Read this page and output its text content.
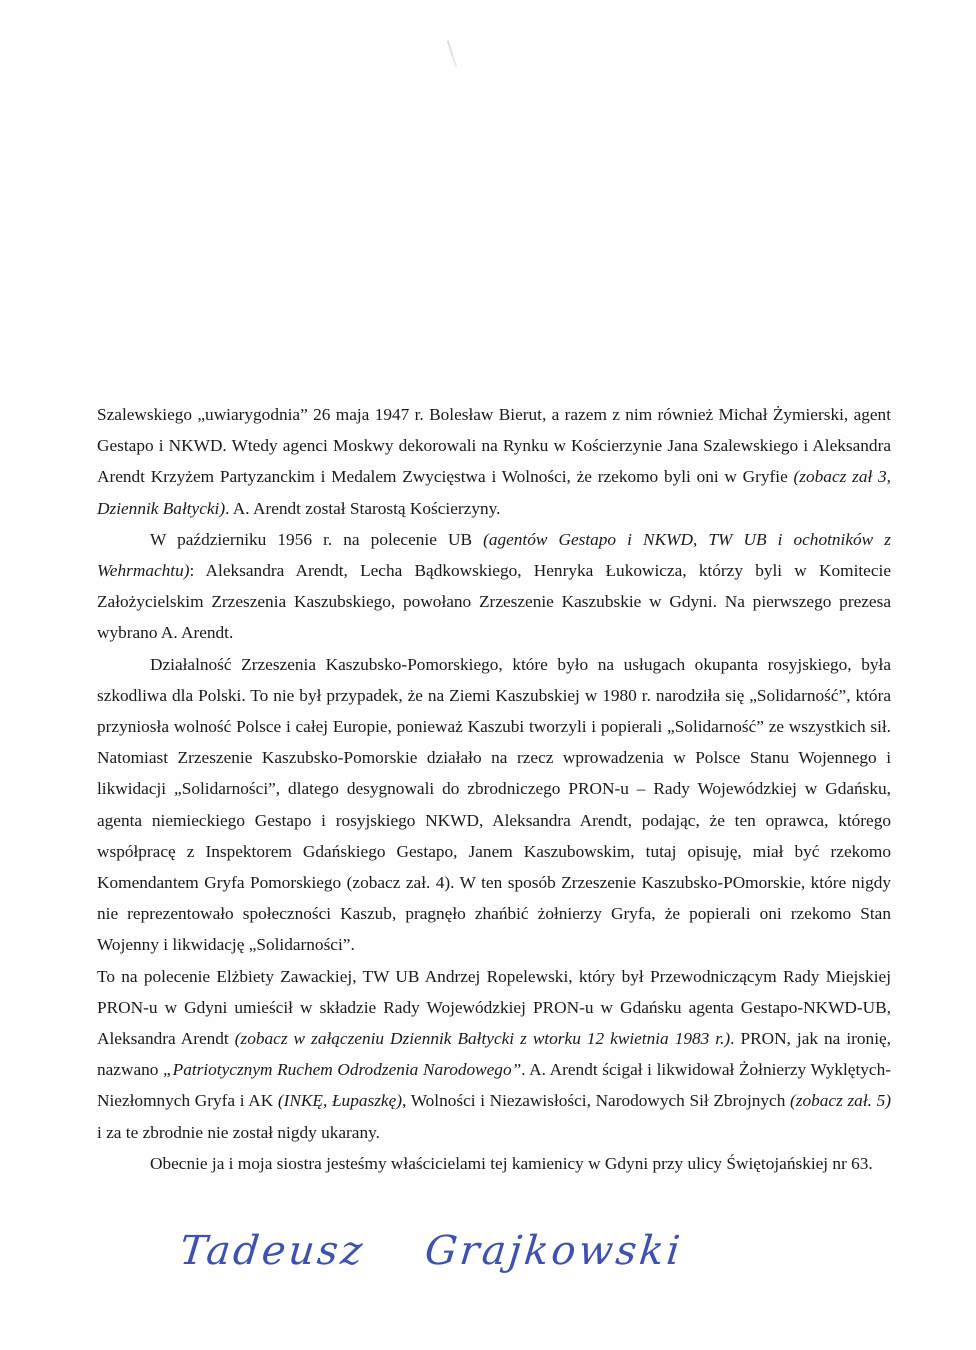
Szalewskiego „uwiarygodnia” 26 maja 1947 r. Bolesław Bierut, a razem z nim również Michał Żymierski, agent Gestapo i NKWD. Wtedy agenci Moskwy dekorowali na Rynku w Kościerzynie Jana Szalewskiego i Aleksandra Arendt Krzyżem Partyzanckim i Medalem Zwycięstwa i Wolności, że rzekomo byli oni w Gryfie (zobacz zał 3, Dziennik Bałtycki). A. Arendt został Starostą Kościerzyny.

W październiku 1956 r. na polecenie UB (agentów Gestapo i NKWD, TW UB i ochotników z Wehrmachtu): Aleksandra Arendt, Lecha Bądkowskiego, Henryka Łukowicza, którzy byli w Komitecie Założycielskim Zrzeszenia Kaszubskiego, powołano Zrzeszenie Kaszubskie w Gdyni. Na pierwszego prezesa wybrano A. Arendt.

Działalność Zrzeszenia Kaszubsko-Pomorskiego, które było na usługach okupanta rosyjskiego, była szkodliwa dla Polski. To nie był przypadek, że na Ziemi Kaszubskiej w 1980 r. narodziła się „Solidarność”, która przyniosła wolność Polsce i całej Europie, ponieważ Kaszubi tworzyli i popierali „Solidarność” ze wszystkich sił. Natomiast Zrzeszenie Kaszubsko-Pomorskie działało na rzecz wprowadzenia w Polsce Stanu Wojennego i likwidacji „Solidarności”, dlatego desygnowali do zbrodniczego PRON-u – Rady Wojewódzkiej w Gdańsku, agenta niemieckiego Gestapo i rosyjskiego NKWD, Aleksandra Arendt, podając, że ten oprawca, którego współpracę z Inspektorem Gdańskiego Gestapo, Janem Kaszubowskim, tutaj opisuję, miał być rzekomo Komendantem Gryfa Pomorskiego (zobacz zał. 4). W ten sposób Zrzeszenie Kaszubsko-POmorskie, które nigdy nie reprezentowało społeczności Kaszub, pragnęło zhańbić żołnierzy Gryfa, że popierali oni rzekomo Stan Wojenny i likwidację „Solidarności”.

To na polecenie Elżbiety Zawackiej, TW UB Andrzej Ropelewski, który był Przewodniczącym Rady Miejskiej PRON-u w Gdyni umieścił w składzie Rady Wojewódzkiej PRON-u w Gdańsku agenta Gestapo-NKWD-UB, Aleksandra Arendt (zobacz w załączeniu Dziennik Bałtycki z wtorku 12 kwietnia 1983 r.). PRON, jak na ironię, nazwano „Patriotycznym Ruchem Odrodzenia Narodowego”. A. Arendt ścigał i likwidował Żołnierzy Wyklętych-Niezłomnych Gryfa i AK (INKĘ, Łupaszkę), Wolności i Niezawisłości, Narodowych Sił Zbrojnych (zobacz zał. 5) i za te zbrodnie nie został nigdy ukarany.

Obecnie ja i moja siostra jesteśmy właścicielami tej kamienicy w Gdyni przy ulicy Świętojańskiej nr 63.

Tadeusz Grajkowski
